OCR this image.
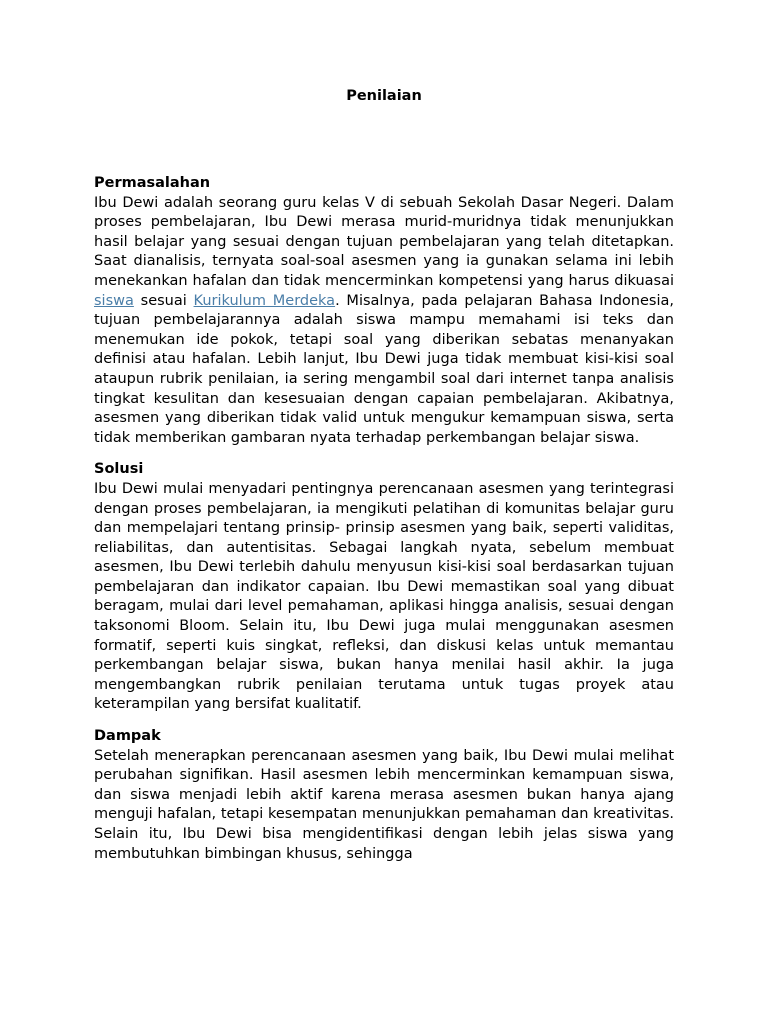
Penilaian

Permasalahan

Ibu Dewi adalah seorang guru kelas V di sebuah Sekolah Dasar Negeri. Dalam proses pembelajaran, Ibu Dewi merasa murid-muridnya tidak menunjukkan hasil belajar yang sesuai dengan tujuan pembelajaran yang telah ditetapkan. Saat dianalisis, ternyata soal-soal asesmen yang ia gunakan selama ini lebih menekankan hafalan dan tidak mencerminkan kompetensi yang harus dikuasai siswa sesuai Kurikulum Merdeka. Misalnya, pada pelajaran Bahasa Indonesia, tujuan pembelajarannya adalah siswa mampu memahami isi teks dan menemukan ide pokok, tetapi soal yang diberikan sebatas menanyakan definisi atau hafalan. Lebih lanjut, Ibu Dewi juga tidak membuat kisi-kisi soal ataupun rubrik penilaian, ia sering mengambil soal dari internet tanpa analisis tingkat kesulitan dan kesesuaian dengan capaian pembelajaran. Akibatnya, asesmen yang diberikan tidak valid untuk mengukur kemampuan siswa, serta tidak memberikan gambaran nyata terhadap perkembangan belajar siswa.

Solusi

Ibu Dewi mulai menyadari pentingnya perencanaan asesmen yang terintegrasi dengan proses pembelajaran, ia mengikuti pelatihan di komunitas belajar guru dan mempelajari tentang prinsip- prinsip asesmen yang baik, seperti validitas, reliabilitas, dan autentisitas. Sebagai langkah nyata, sebelum membuat asesmen, Ibu Dewi terlebih dahulu menyusun kisi-kisi soal berdasarkan tujuan pembelajaran dan indikator capaian. Ibu Dewi memastikan soal yang dibuat beragam, mulai dari level pemahaman, aplikasi hingga analisis, sesuai dengan taksonomi Bloom. Selain itu, Ibu Dewi juga mulai menggunakan asesmen formatif, seperti kuis singkat, refleksi, dan diskusi kelas untuk memantau perkembangan belajar siswa, bukan hanya menilai hasil akhir. Ia juga mengembangkan rubrik penilaian terutama untuk tugas proyek atau keterampilan yang bersifat kualitatif.

Dampak

Setelah menerapkan perencanaan asesmen yang baik, Ibu Dewi mulai melihat perubahan signifikan. Hasil asesmen lebih mencerminkan kemampuan siswa, dan siswa menjadi lebih aktif karena merasa asesmen bukan hanya ajang menguji hafalan, tetapi kesempatan menunjukkan pemahaman dan kreativitas. Selain itu, Ibu Dewi bisa mengidentifikasi dengan lebih jelas siswa yang membutuhkan bimbingan khusus, sehingga
